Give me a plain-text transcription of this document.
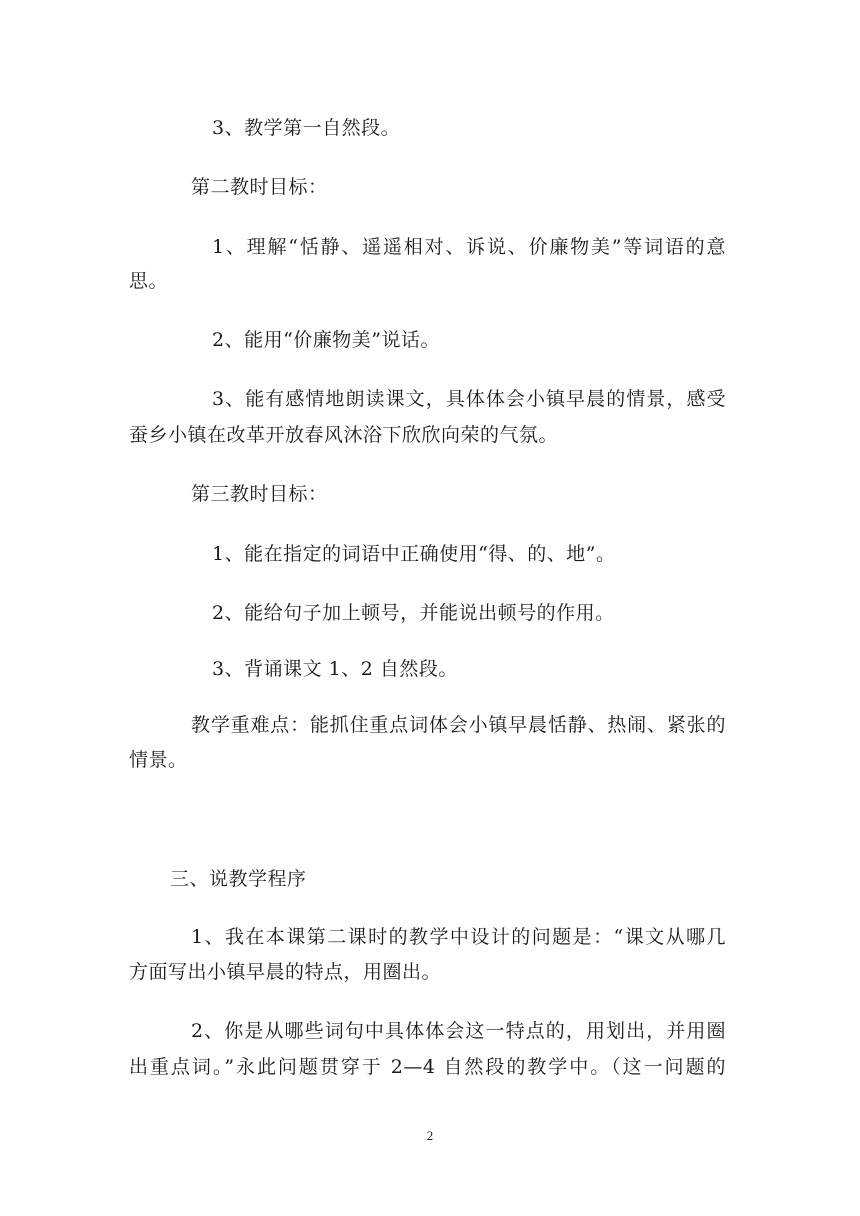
3、教学第一自然段。
第二教时目标：
1、理解“恬静、遥遥相对、诉说、价廉物美”等词语的意
思。
2、能用“价廉物美”说话。
3、能有感情地朗读课文，具体体会小镇早晨的情景，感受
蚕乡小镇在改革开放春风沐浴下欣欣向荣的气氛。
第三教时目标：
1、能在指定的词语中正确使用“得、的、地”。
2、能给句子加上顿号，并能说出顿号的作用。
3、背诵课文 1、2 自然段。
教学重难点：能抓住重点词体会小镇早晨恬静、热闹、紧张的
情景。
三、说教学程序
1、我在本课第二课时的教学中设计的问题是：“课文从哪几
方面写出小镇早晨的特点，用圈出。
2、你是从哪些词句中具体体会这一特点的，用划出，并用圈
出重点词。”永此问题贯穿于 2—4 自然段的教学中。（这一问题的
2
